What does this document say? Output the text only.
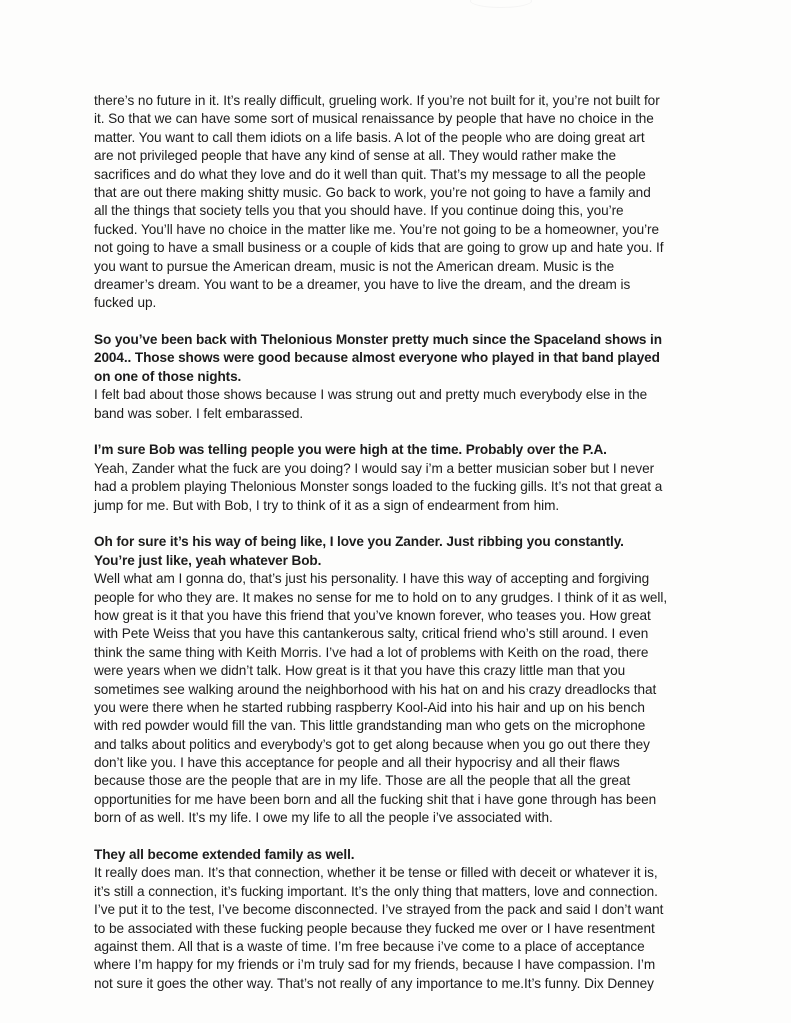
there’s no future in it. It’s really difficult, grueling work. If you’re not built for it, you’re not built for
it. So that we can have some sort of musical renaissance by people that have no choice in the
matter. You want to call them idiots on a life basis. A lot of the people who are doing great art
are not privileged people that have any kind of sense at all. They would rather make the
sacrifices and do what they love and do it well than quit. That’s my message to all the people
that are out there making shitty music. Go back to work, you’re not going to have a family and
all the things that society tells you that you should have. If you continue doing this, you’re
fucked. You’ll have no choice in the matter like me. You’re not going to be a homeowner, you’re
not going to have a small business or a couple of kids that are going to grow up and hate you. If
you want to pursue the American dream, music is not the American dream. Music is the
dreamer’s dream. You want to be a dreamer, you have to live the dream, and the dream is
fucked up.
So you’ve been back with Thelonious Monster pretty much since the Spaceland shows in
2004.. Those shows were good because almost everyone who played in that band played
on one of those nights.
I felt bad about those shows because I was strung out and pretty much everybody else in the
band was sober. I felt embarassed.
I’m sure Bob was telling people you were high at the time. Probably over the P.A.
Yeah, Zander what the fuck are you doing? I would say i’m a better musician sober but I never
had a problem playing Thelonious Monster songs loaded to the fucking gills. It’s not that great a
jump for me. But with Bob, I try to think of it as a sign of endearment from him.
Oh for sure it’s his way of being like, I love you Zander. Just ribbing you constantly.
You’re just like, yeah whatever Bob.
Well what am I gonna do, that’s just his personality. I have this way of accepting and forgiving
people for who they are. It makes no sense for me to hold on to any grudges. I think of it as well,
how great is it that you have this friend that you’ve known forever, who teases you. How great
with Pete Weiss that you have this cantankerous salty, critical friend who’s still around. I even
think the same thing with Keith Morris. I’ve had a lot of problems with Keith on the road, there
were years when we didn’t talk. How great is it that you have this crazy little man that you
sometimes see walking around the neighborhood with his hat on and his crazy dreadlocks that
you were there when he started rubbing raspberry Kool-Aid into his hair and up on his bench
with red powder would fill the van. This little grandstanding man who gets on the microphone
and talks about politics and everybody’s got to get along because when you go out there they
don’t like you. I have this acceptance for people and all their hypocrisy and all their flaws
because those are the people that are in my life. Those are all the people that all the great
opportunities for me have been born and all the fucking shit that i have gone through has been
born of as well. It’s my life. I owe my life to all the people i’ve associated with.
They all become extended family as well.
It really does man. It’s that connection, whether it be tense or filled with deceit or whatever it is,
it’s still a connection, it’s fucking important. It’s the only thing that matters, love and connection.
I’ve put it to the test, I’ve become disconnected. I’ve strayed from the pack and said I don’t want
to be associated with these fucking people because they fucked me over or I have resentment
against them. All that is a waste of time. I’m free because i’ve come to a place of acceptance
where I’m happy for my friends or i’m truly sad for my friends, because I have compassion. I’m
not sure it goes the other way. That’s not really of any importance to me.It’s funny. Dix Denney
